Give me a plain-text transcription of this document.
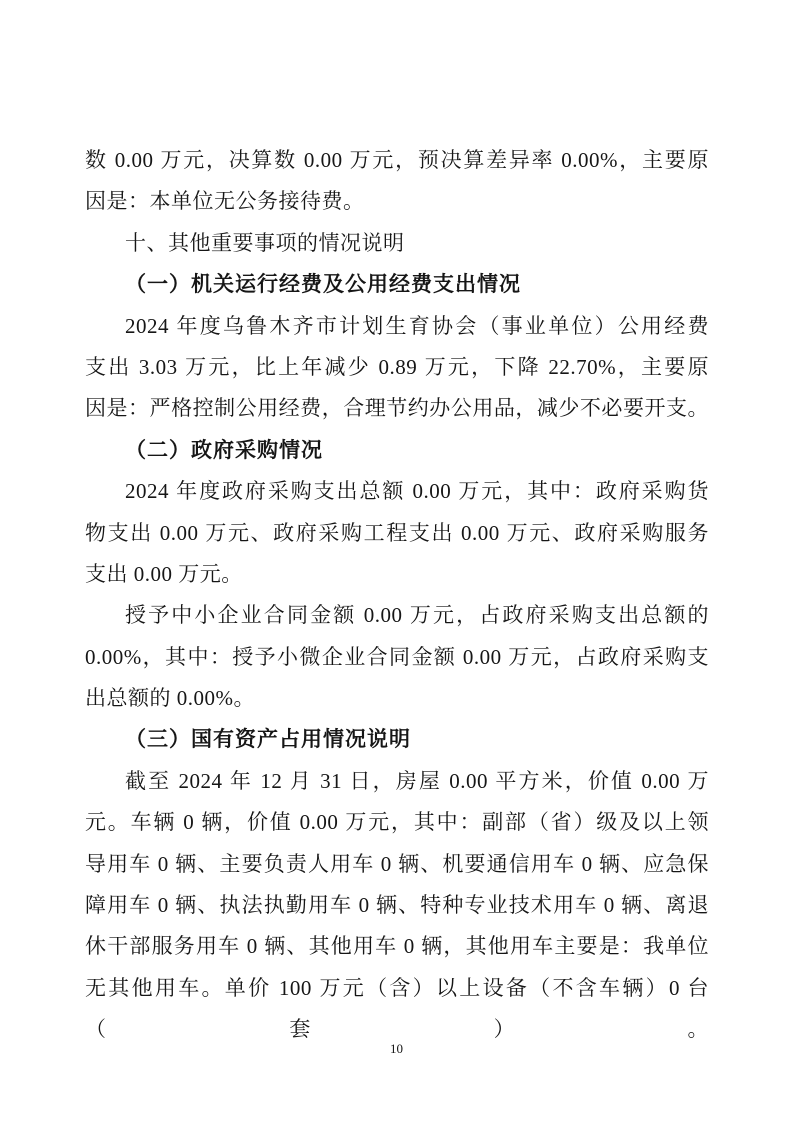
数 0.00 万元，决算数 0.00 万元，预决算差异率 0.00%，主要原
因是：本单位无公务接待费。
十、其他重要事项的情况说明
（一）机关运行经费及公用经费支出情况
2024 年度乌鲁木齐市计划生育协会（事业单位）公用经费
支出 3.03 万元，比上年减少 0.89 万元，下降 22.70%，主要原
因是：严格控制公用经费，合理节约办公用品，减少不必要开支。
（二）政府采购情况
2024 年度政府采购支出总额 0.00 万元，其中：政府采购货
物支出 0.00 万元、政府采购工程支出 0.00 万元、政府采购服务
支出 0.00 万元。
授予中小企业合同金额 0.00 万元，占政府采购支出总额的
0.00%，其中：授予小微企业合同金额 0.00 万元，占政府采购支
出总额的 0.00%。
（三）国有资产占用情况说明
截至 2024 年 12 月 31 日，房屋 0.00 平方米，价值 0.00 万
元。车辆 0 辆，价值 0.00 万元，其中：副部（省）级及以上领
导用车 0 辆、主要负责人用车 0 辆、机要通信用车 0 辆、应急保
障用车 0 辆、执法执勤用车 0 辆、特种专业技术用车 0 辆、离退
休干部服务用车 0 辆、其他用车 0 辆，其他用车主要是：我单位
无其他用车。单价 100 万元（含）以上设备（不含车辆）0 台（套）。
10
